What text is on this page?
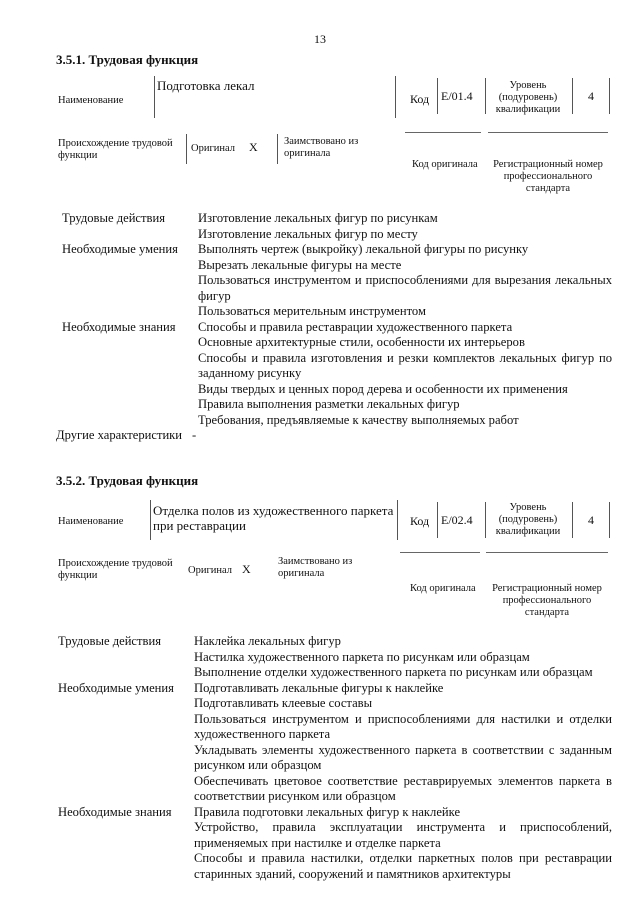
13
3.5.1. Трудовая функция
Наименование
Подготовка лекал
Код E/01.4
Уровень (подуровень) квалификации
4
Происхождение трудовой функции
Оригинал X	Заимствовано из оригинала
Код оригинала	Регистрационный номер профессионального стандарта
Трудовые действия	Изготовление лекальных фигур по рисункам
Изготовление лекальных фигур по месту
Необходимые умения	Выполнять чертеж (выкройку) лекальной фигуры по рисунку
Вырезать лекальные фигуры на месте
Пользоваться инструментом и приспособлениями для вырезания лекальных фигур
Пользоваться мерительным инструментом
Необходимые знания	Способы и правила реставрации художественного паркета
Основные архитектурные стили, особенности их интерьеров
Способы и правила изготовления и резки комплектов лекальных фигур по заданному рисунку
Виды твердых и ценных пород дерева и особенности их применения
Правила выполнения разметки лекальных фигур
Требования, предъявляемые к качеству выполняемых работ
Другие характеристики -
3.5.2. Трудовая функция
Наименование
Отделка полов из художественного паркета при реставрации	Код E/02.4
Уровень (подуровень) квалификации
4
Происхождение трудовой функции	Оригинал X
Заимствовано из оригинала
Код оригинала	Регистрационный номер профессионального стандарта
Трудовые действия	Наклейка лекальных фигур
Настилка художественного паркета по рисункам или образцам
Выполнение отделки художественного паркета по рисункам или образцам
Необходимые умения	Подготавливать лекальные фигуры к наклейке
Подготавливать клеевые составы
Пользоваться инструментом и приспособлениями для настилки и отделки художественного паркета
Укладывать элементы художественного паркета в соответствии с заданным рисунком или образцом
Обеспечивать цветовое соответствие реставрируемых элементов паркета в соответствии рисунком или образцом
Необходимые знания	Правила подготовки лекальных фигур к наклейке
Устройство, правила эксплуатации инструмента и приспособлений, применяемых при настилке и отделке паркета
Способы и правила настилки, отделки паркетных полов при реставрации старинных зданий, сооружений и памятников архитектуры
